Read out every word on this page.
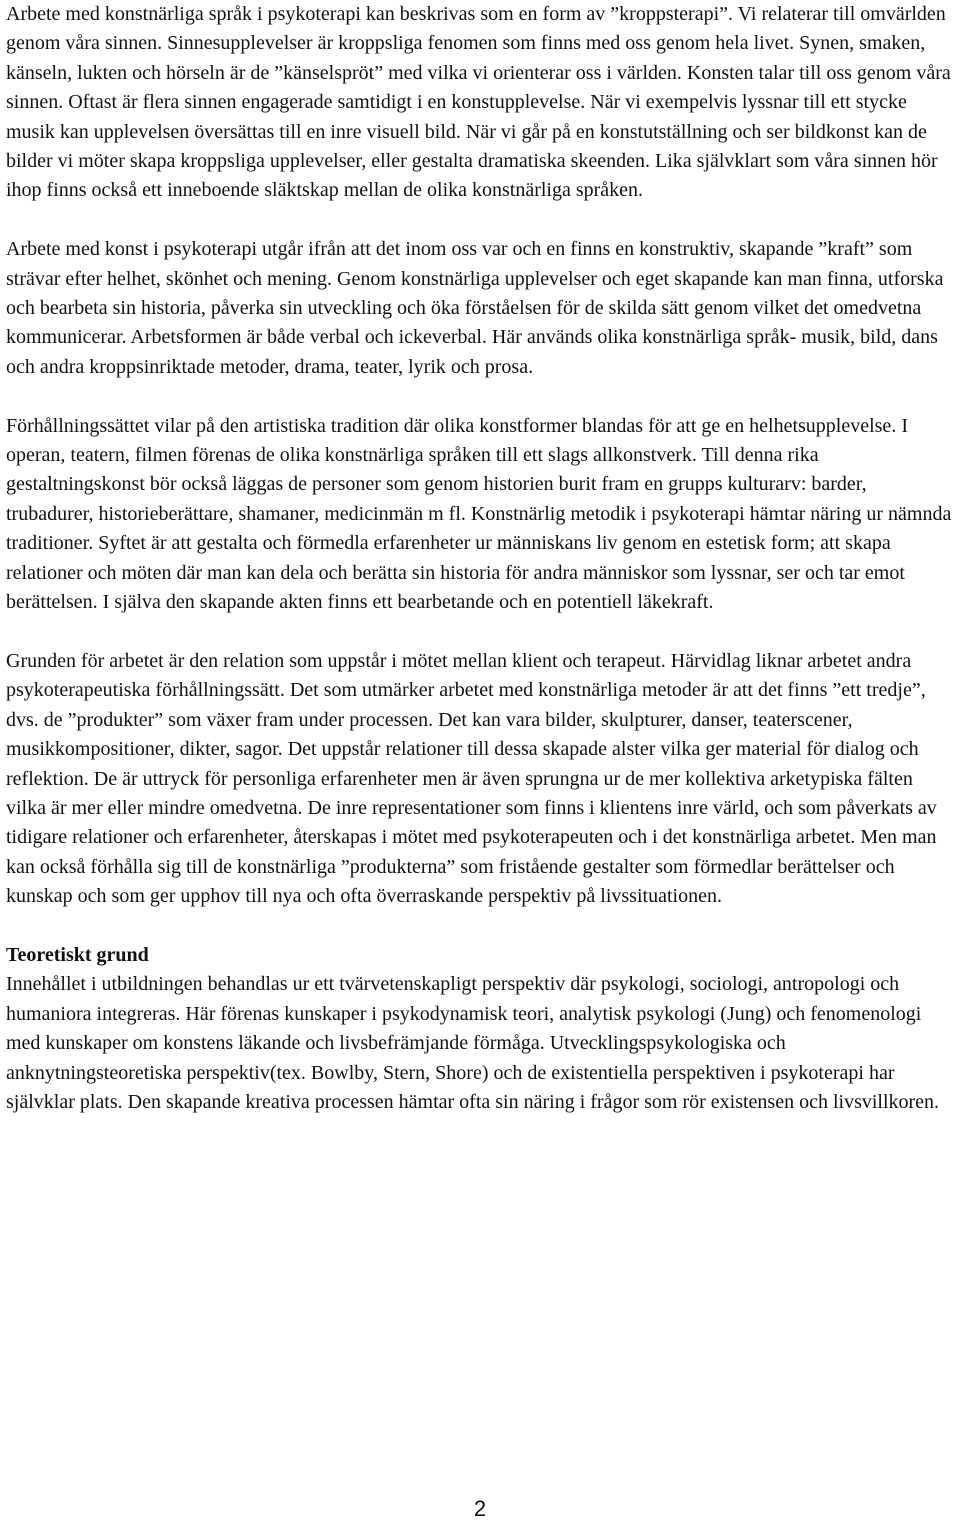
Arbete med konstnärliga språk i psykoterapi kan beskrivas som en form av ”kroppsterapi”. Vi relaterar till omvärlden genom våra sinnen. Sinnesupplevelser är kroppsliga fenomen som finns med oss genom hela livet. Synen, smaken, känseln, lukten och hörseln är de ”känselspröt” med vilka vi orienterar oss i världen. Konsten talar till oss genom våra sinnen. Oftast är flera sinnen engagerade samtidigt i en konstupplevelse. När vi exempelvis lyssnar till ett stycke musik kan upplevelsen översättas till en inre visuell bild. När vi går på en konstutställning och ser bildkonst kan de bilder vi möter skapa kroppsliga upplevelser, eller gestalta dramatiska skeenden. Lika självklart som våra sinnen hör ihop finns också ett inneboende släktskap mellan de olika konstnärliga språken.

Arbete med konst i psykoterapi utgår ifrån att det inom oss var och en finns en konstruktiv, skapande ”kraft” som strävar efter helhet, skönhet och mening. Genom konstnärliga upplevelser och eget skapande kan man finna, utforska och bearbeta sin historia, påverka sin utveckling och öka förståelsen för de skilda sätt genom vilket det omedvetna kommunicerar. Arbetsformen är både verbal och ickeverbal. Här används olika konstnärliga språk- musik, bild, dans och andra kroppsinriktade metoder, drama, teater, lyrik och prosa.

Förhållningssättet vilar på den artistiska tradition där olika konstformer blandas för att ge en helhetsupplevelse. I operan, teatern, filmen förenas de olika konstnärliga språken till ett slags allkonstverk. Till denna rika gestaltningskonst bör också läggas de personer som genom historien burit fram en grupps kulturarv: barder, trubadurer, historieberättare, shamaner, medicinmän m fl. Konstnärlig metodik i psykoterapi hämtar näring ur nämnda traditioner. Syftet är att gestalta och förmedla erfarenheter ur människans liv genom en estetisk form; att skapa relationer och möten där man kan dela och berätta sin historia för andra människor som lyssnar, ser och tar emot berättelsen. I själva den skapande akten finns ett bearbetande och en potentiell läkekraft.

Grunden för arbetet är den relation som uppstår i mötet mellan klient och terapeut. Härvidlag liknar arbetet andra psykoterapeutiska förhållningssätt. Det som utmärker arbetet med konstnärliga metoder är att det finns ”ett tredje”, dvs. de ”produkter” som växer fram under processen. Det kan vara bilder, skulpturer, danser, teaterscener, musikkompositioner, dikter, sagor. Det uppstår relationer till dessa skapade alster vilka ger material för dialog och reflektion. De är uttryck för personliga erfarenheter men är även sprungna ur de mer kollektiva arketypiska fälten vilka är mer eller mindre omedvetna. De inre representationer som finns i klientens inre värld, och som påverkats av tidigare relationer och erfarenheter, återskapas i mötet med psykoterapeuten och i det konstnärliga arbetet. Men man kan också förhålla sig till de konstnärliga ”produkterna” som fristående gestalter som förmedlar berättelser och kunskap och som ger upphov till nya och ofta överraskande perspektiv på livssituationen.

Teoretiskt grund

Innehållet i utbildningen behandlas ur ett tvärvetenskapligt perspektiv där psykologi, sociologi, antropologi och humaniora integreras. Här förenas kunskaper i psykodynamisk teori, analytisk psykologi (Jung) och fenomenologi med kunskaper om konstens läkande och livsbefrämjande förmåga. Utvecklingspsykologiska och anknytningsteoretiska perspektiv(tex. Bowlby, Stern, Shore) och de existentiella perspektiven i psykoterapi har självklar plats. Den skapande kreativa processen hämtar ofta sin näring i frågor som rör existensen och livsvillkoren.

2
